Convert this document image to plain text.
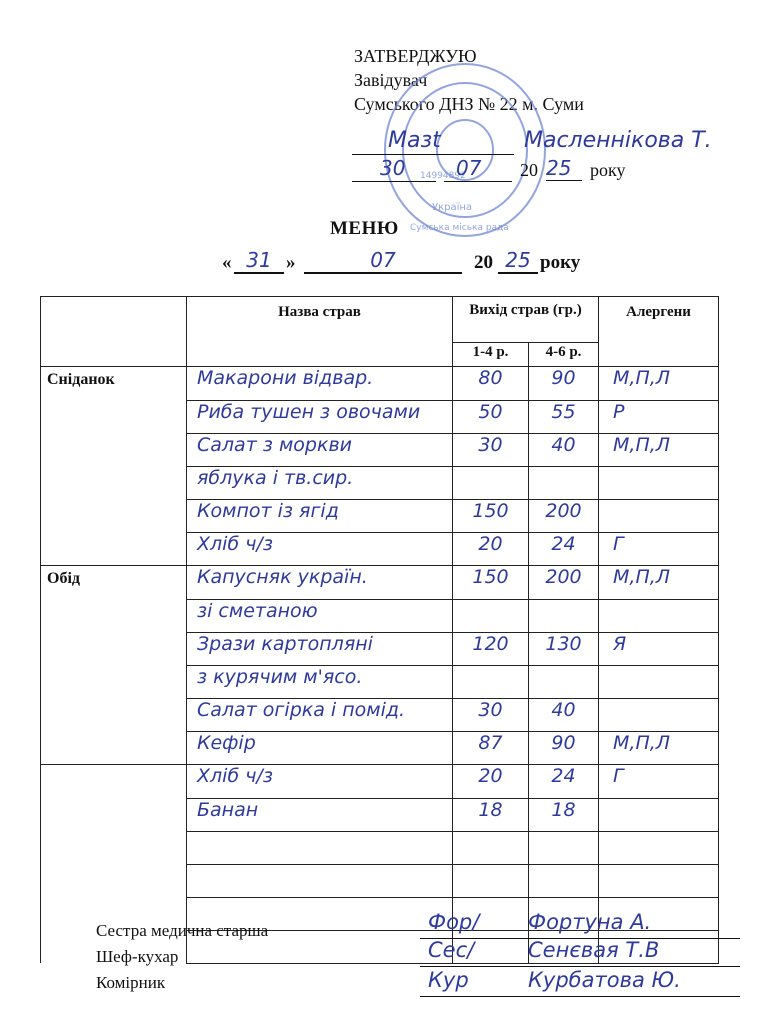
ЗАТВЕРДЖУЮ
Завідувач
Сумського ДНЗ № 22 м. Суми
Україна
Сумська міська рада
14994892
Maзt	Масленнікова Т.
30	07 20 25	року
МЕНЮ
« 31 »	07	20 25 року
	Назва страв	Вихід страв (гр.)		Алергени
		1-4 р.	4-6 р.	
Сніданок	Макарони відвар.	80	90	М,П,Л
	Риба тушен з овочами	50	55	Р
	Салат з моркви	30	40	М,П,Л
	яблука і тв.сир.			
	Компот із ягід	150	200	
	Хліб ч/з	20	24	Г
Обід	Капусняк україн.	150	200	М,П,Л
	зі сметаною			
	Зрази картопляні	120	130	Я
	з курячим м'ясо.			
	Салат огірка і помід.	30	40	
	Кефір	87	90	М,П,Л
	Хліб ч/з	20	24	Г
	Банан	18	18	

Сестра медична старша
Шеф-кухар
Комірник
Фор/ Фортуна А.
Сес/	Сенєвая Т.В
Кур	Курбатова Ю.
